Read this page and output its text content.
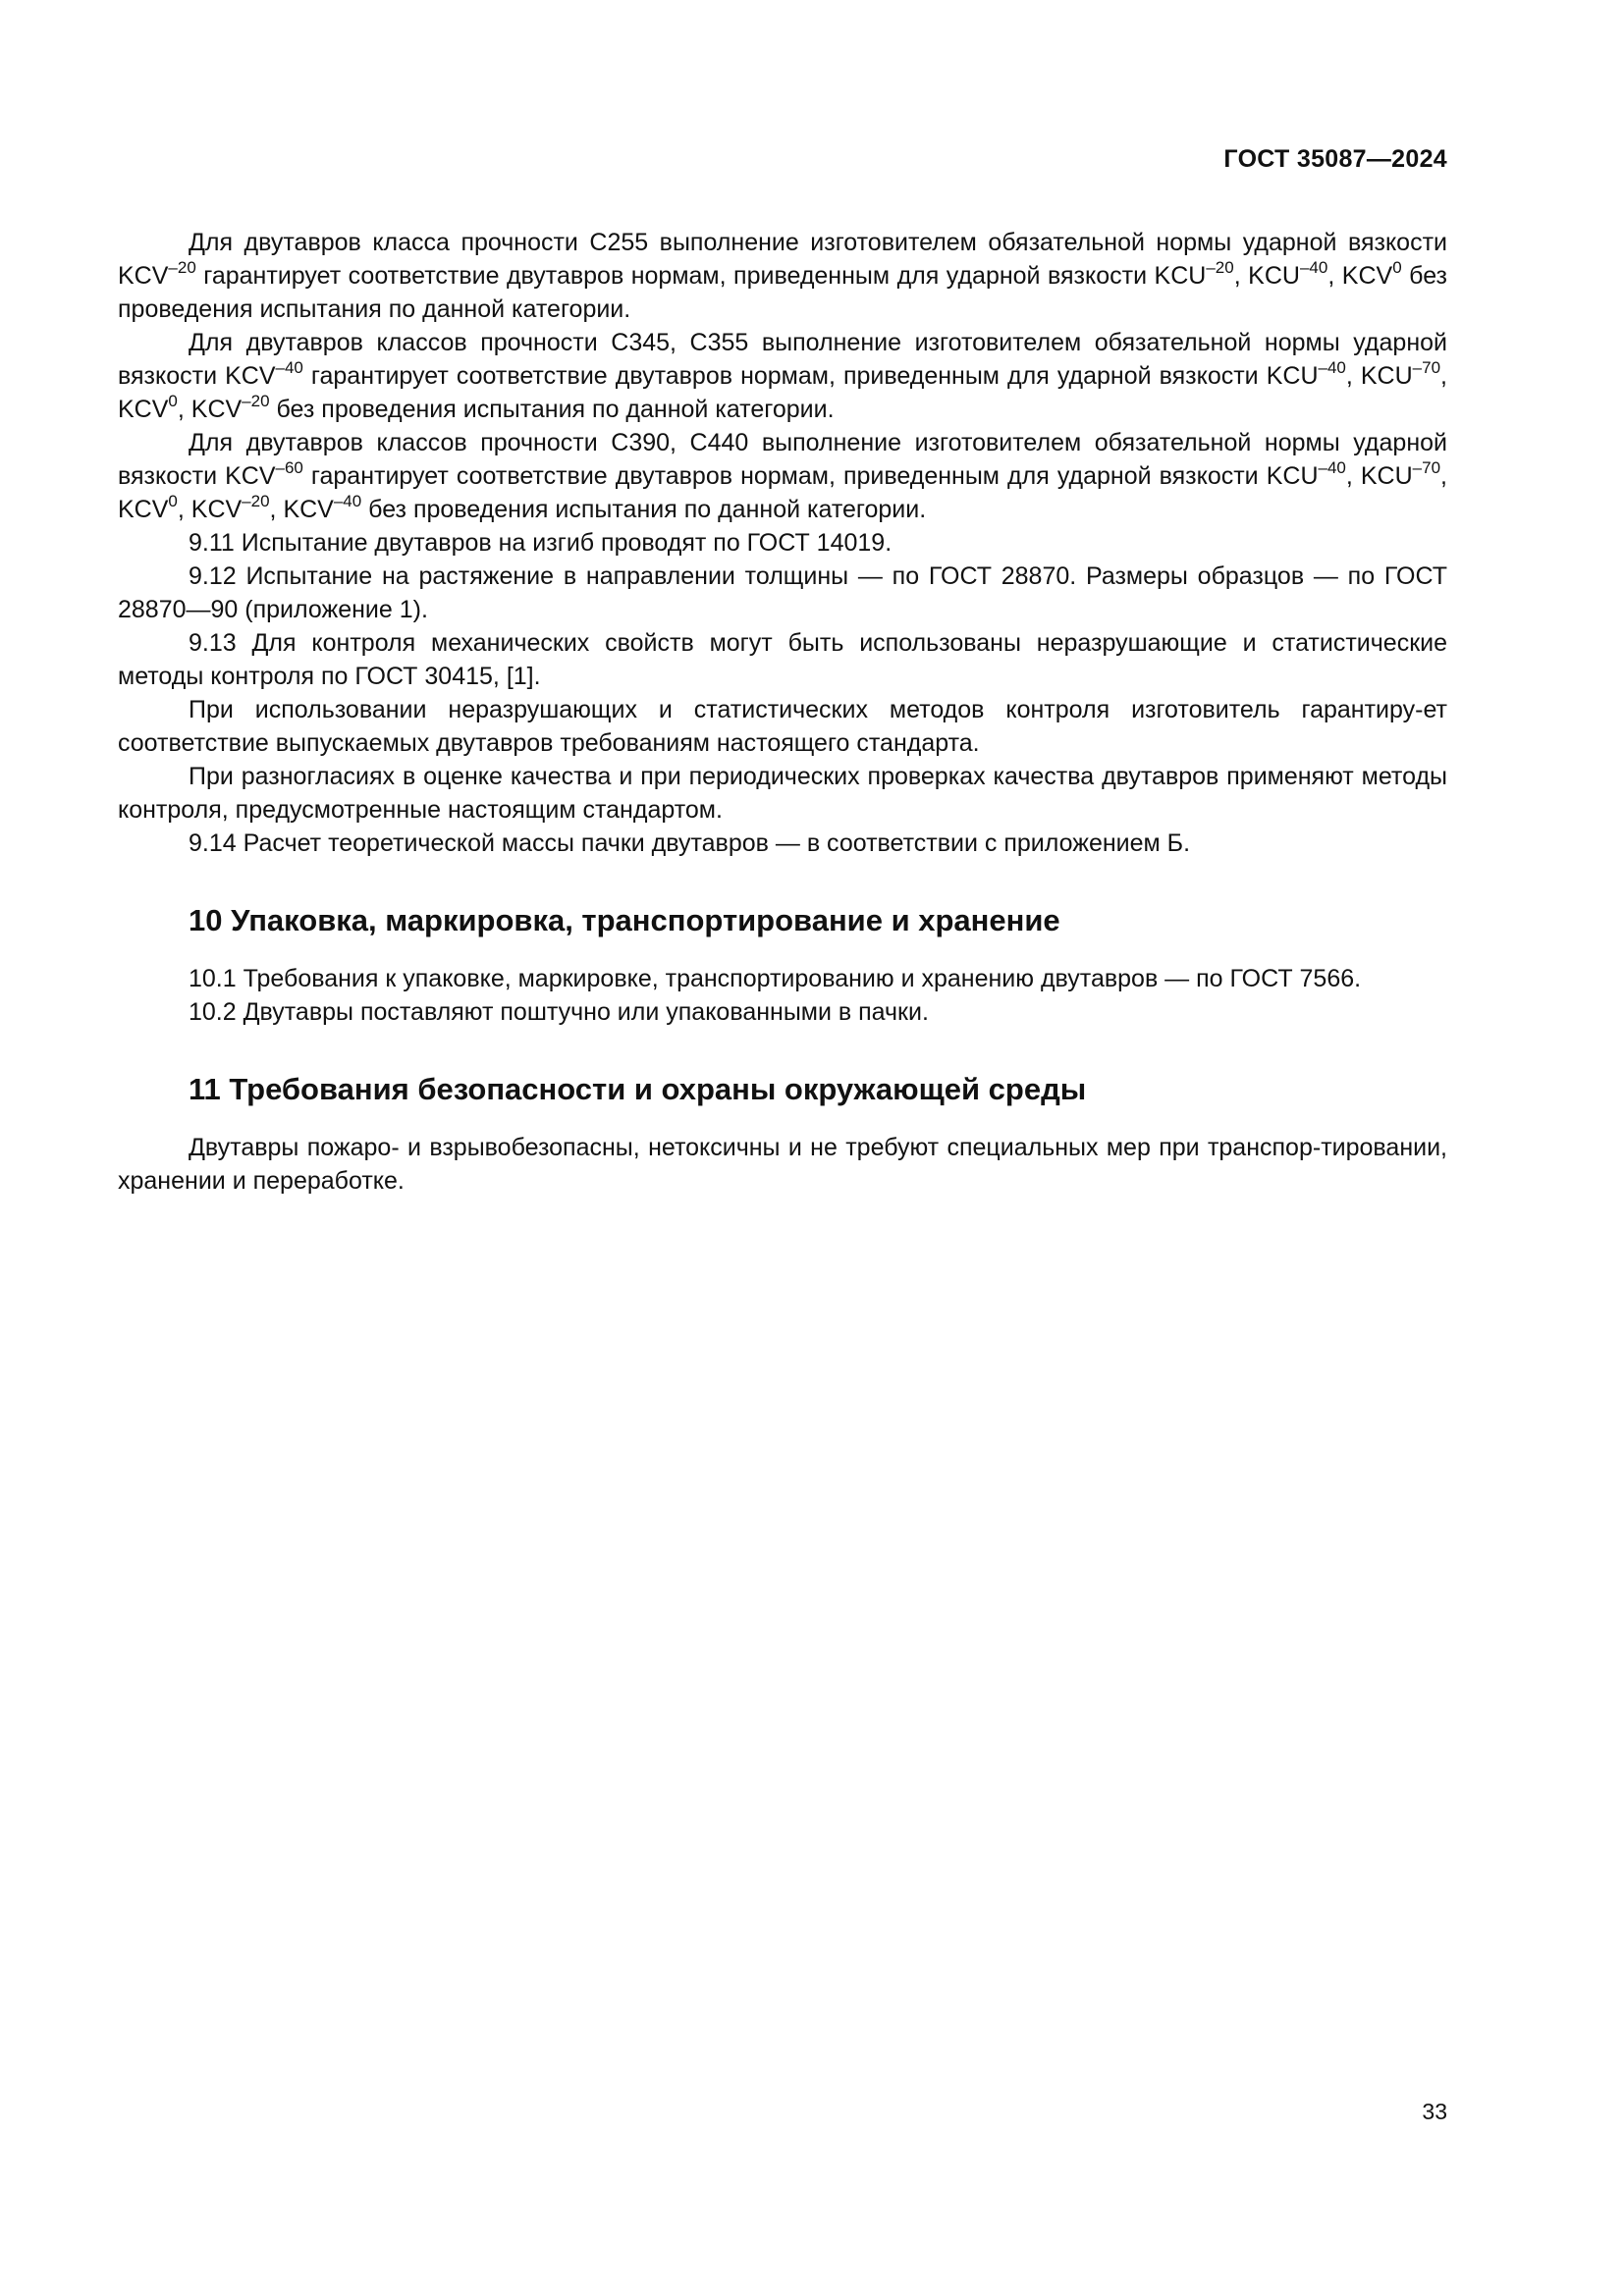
ГОСТ 35087—2024

Для двутавров класса прочности С255 выполнение изготовителем обязательной нормы ударной вязкости $KCV^{-20}$ гарантирует соответствие двутавров нормам, приведенным для ударной вязкости $KCU^{-20}$, $KCU^{-40}$, KCV$^0$ без проведения испытания по данной категории.

Для двутавров классов прочности С345, С355 выполнение изготовителем обязательной нормы ударной вязкости $KCV^{-40}$ гарантирует соответствие двутавров нормам, приведенным для ударной вязкости $KCU^{-40}$, $KCU^{-70}$, KCV$^0$, $KCV^{-20}$ без проведения испытания по данной категории.

Для двутавров классов прочности С390, С440 выполнение изготовителем обязательной нормы ударной вязкости $KCV^{-60}$ гарантирует соответствие двутавров нормам, приведенным для ударной вязкости $KCU^{-40}$, $KCU^{-70}$, KCV$^0$, $KCV^{-20}$, $KCV^{-40}$ без проведения испытания по данной категории.

9.11 Испытание двутавров на изгиб проводят по ГОСТ 14019.

9.12 Испытание на растяжение в направлении толщины — по ГОСТ 28870. Размеры образцов — по ГОСТ 28870—90 (приложение 1).

9.13 Для контроля механических свойств могут быть использованы неразрушающие и статистические методы контроля по ГОСТ 30415, [1].

При использовании неразрушающих и статистических методов контроля изготовитель гарантиру-ет соответствие выпускаемых двутавров требованиям настоящего стандарта.

При разногласиях в оценке качества и при периодических проверках качества двутавров применяют методы контроля, предусмотренные настоящим стандартом.

9.14 Расчет теоретической массы пачки двутавров — в соответствии с приложением Б.

10 Упаковка, маркировка, транспортирование и хранение

10.1 Требования к упаковке, маркировке, транспортированию и хранению двутавров — по ГОСТ 7566.

10.2 Двутавры поставляют поштучно или упакованными в пачки.

11 Требования безопасности и охраны окружающей среды

Двутавры пожаро- и взрывобезопасны, нетоксичны и не требуют специальных мер при транспор-тировании, хранении и переработке.

33
